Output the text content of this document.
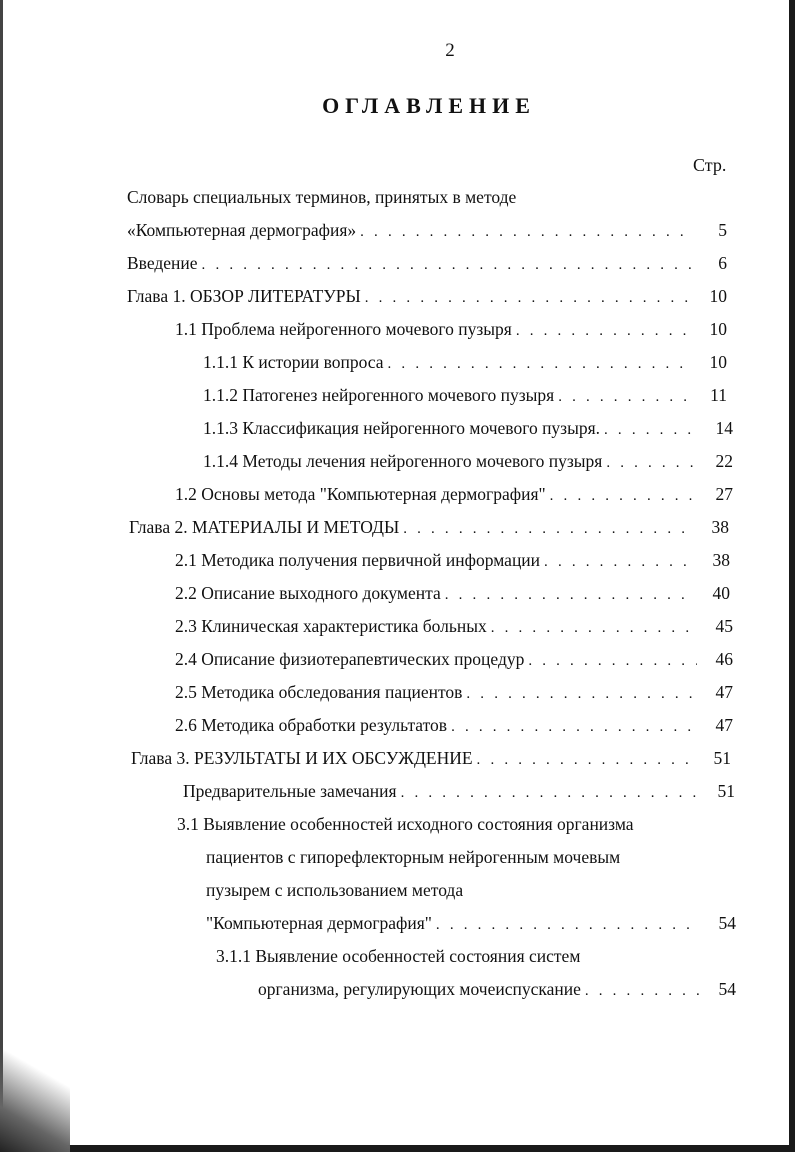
2
ОГЛАВЛЕНИЕ
Стр.
Словарь специальных терминов, принятых в методе
«Компьютерная дермография» . . .	5
Введение . . .	6
Глава 1. ОБЗОР ЛИТЕРАТУРЫ . . .	10
1.1 Проблема нейрогенного мочевого пузыря . . .	10
1.1.1 К истории вопроса . . .	10
1.1.2 Патогенез нейрогенного мочевого пузыря . . .	11
1.1.3 Классификация нейрогенного мочевого пузыря. . . .	14
1.1.4 Методы лечения нейрогенного мочевого пузыря . . .	22
1.2 Основы метода "Компьютерная дермография" . . .	27
Глава 2. МАТЕРИАЛЫ И МЕТОДЫ . . .	38
2.1 Методика получения первичной информации . . .	38
2.2 Описание выходного документа . . .	40
2.3 Клиническая характеристика больных . . .	45
2.4 Описание физиотерапевтических процедур . . .	46
2.5 Методика обследования пациентов . . .	47
2.6 Методика обработки результатов . . .	47
Глава 3. РЕЗУЛЬТАТЫ И ИХ ОБСУЖДЕНИЕ . . .	51
Предварительные замечания . . .	51
3.1 Выявление особенностей исходного состояния организма
пациентов с гипорефлекторным нейрогенным мочевым
пузырем с использованием метода
"Компьютерная дермография" . . .	54
3.1.1 Выявление особенностей состояния систем
организма, регулирующих мочеиспускание . . .	54
